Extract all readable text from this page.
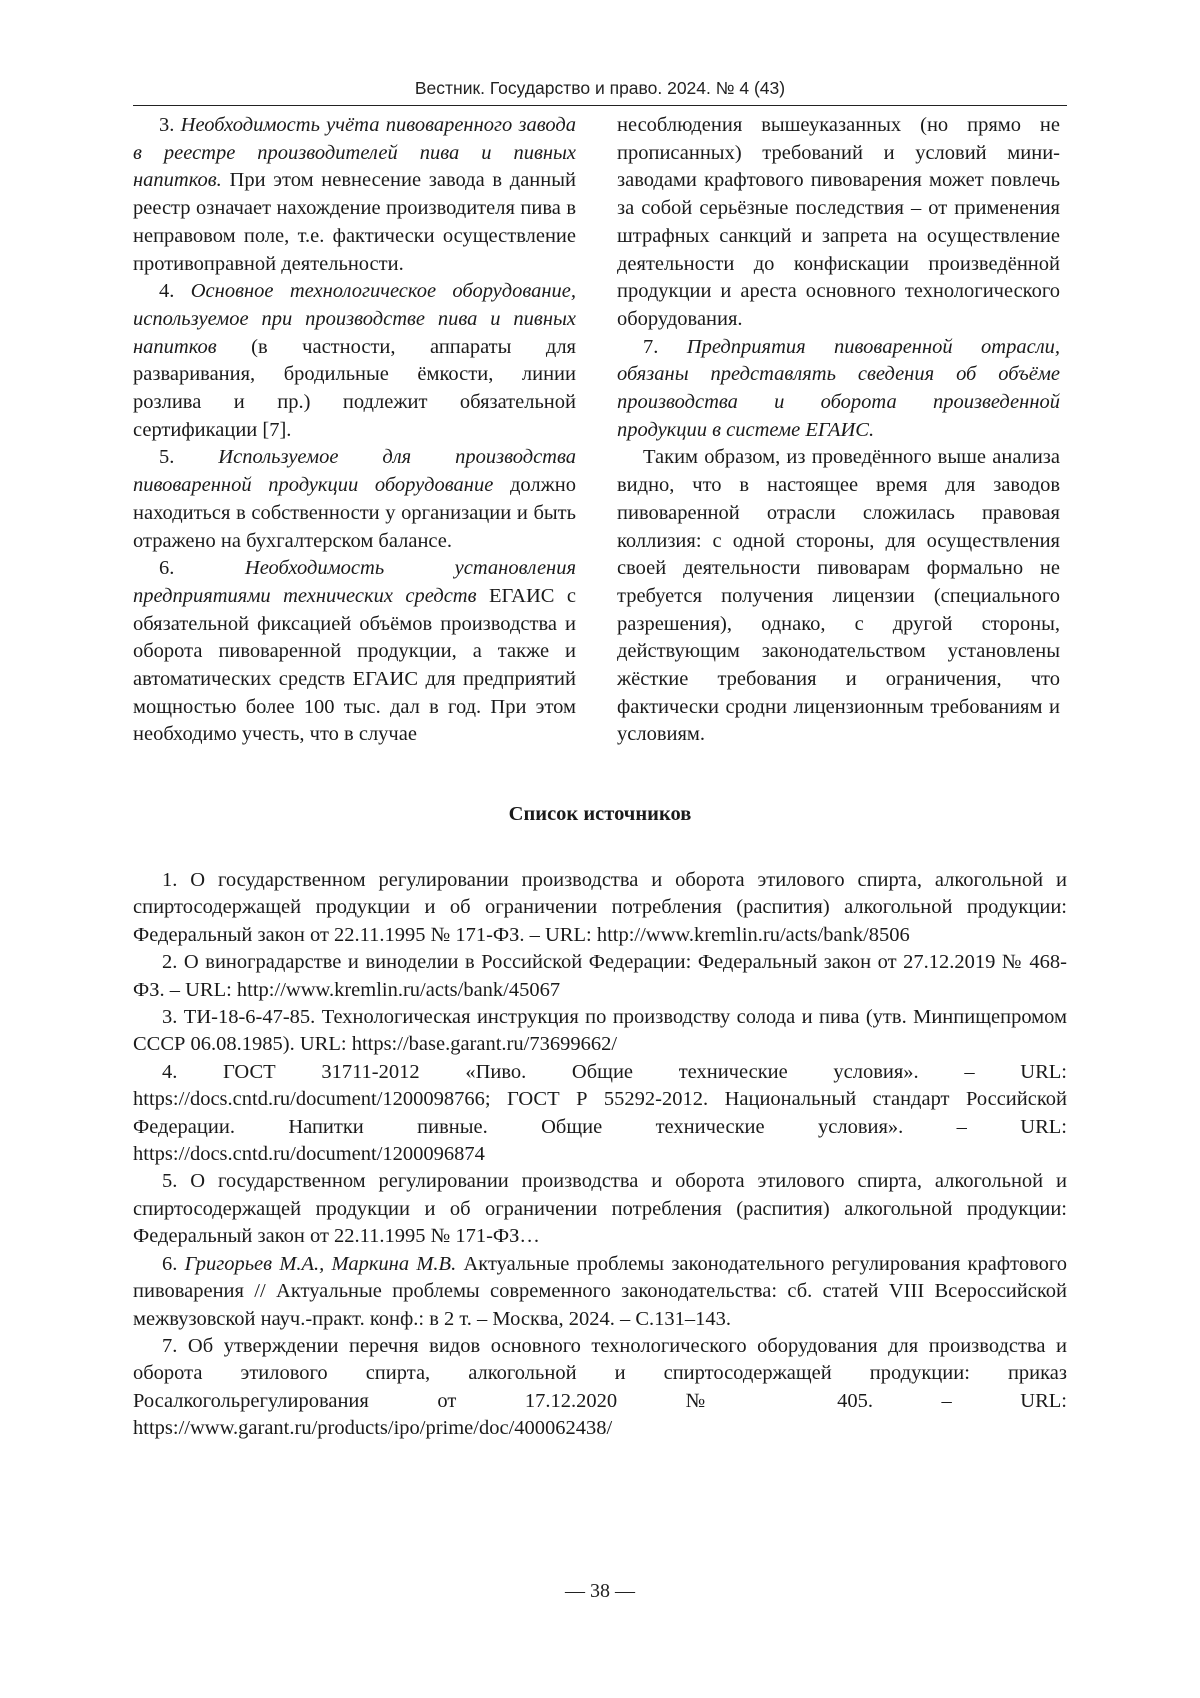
Вестник. Государство и право. 2024. № 4 (43)

3. Необходимость учёта пивоваренного завода в реестре производителей пива и пивных напитков. При этом невнесение завода в данный реестр означает нахождение производителя пива в неправовом поле, т.е. фактически осуществление противоправной деятельности.

4. Основное технологическое оборудование, используемое при производстве пива и пивных напитков (в частности, аппараты для разваривания, бродильные ёмкости, линии розлива и пр.) подлежит обязательной сертификации [7].

5. Используемое для производства пивоваренной продукции оборудование должно находиться в собственности у организации и быть отражено на бухгалтерском балансе.

6. Необходимость установления предприятиями технических средств ЕГАИС с обязательной фиксацией объёмов производства и оборота пивоваренной продукции, а также и автоматических средств ЕГАИС для предприятий мощностью более 100 тыс. дал в год. При этом необходимо учесть, что в случае

несоблюдения вышеуказанных (но прямо не прописанных) требований и условий мини-заводами крафтового пивоварения может повлечь за собой серьёзные последствия – от применения штрафных санкций и запрета на осуществление деятельности до конфискации произведённой продукции и ареста основного технологического оборудования.

7. Предприятия пивоваренной отрасли, обязаны представлять сведения об объёме производства и оборота произведенной продукции в системе ЕГАИС.

Таким образом, из проведённого выше анализа видно, что в настоящее время для заводов пивоваренной отрасли сложилась правовая коллизия: с одной стороны, для осуществления своей деятельности пивоварам формально не требуется получения лицензии (специального разрешения), однако, с другой стороны, действующим законодательством установлены жёсткие требования и ограничения, что фактически сродни лицензионным требованиям и условиям.

Список источников

1. О государственном регулировании производства и оборота этилового спирта, алкогольной и спиртосодержащей продукции и об ограничении потребления (распития) алкогольной продукции: Федеральный закон от 22.11.1995 № 171-ФЗ. – URL: http://www.kremlin.ru/acts/bank/8506

2. О виноградарстве и виноделии в Российской Федерации: Федеральный закон от 27.12.2019 № 468-ФЗ. – URL: http://www.kremlin.ru/acts/bank/45067

3. ТИ-18-6-47-85. Технологическая инструкция по производству солода и пива (утв. Минпищепромом СССР 06.08.1985). URL: https://base.garant.ru/73699662/

4. ГОСТ 31711-2012 «Пиво. Общие технические условия». – URL: https://docs.cntd.ru/document/1200098766; ГОСТ Р 55292-2012. Национальный стандарт Российской Федерации. Напитки пивные. Общие технические условия». – URL: https://docs.cntd.ru/document/1200096874

5. О государственном регулировании производства и оборота этилового спирта, алкогольной и спиртосодержащей продукции и об ограничении потребления (распития) алкогольной продукции: Федеральный закон от 22.11.1995 № 171-ФЗ…

6. Григорьев М.А., Маркина М.В. Актуальные проблемы законодательного регулирования крафтового пивоварения // Актуальные проблемы современного законодательства: сб. статей VIII Всероссийской межвузовской науч.-практ. конф.: в 2 т. – Москва, 2024. – С.131–143.

7. Об утверждении перечня видов основного технологического оборудования для производства и оборота этилового спирта, алкогольной и спиртосодержащей продукции: приказ Росалкогольрегулирования от 17.12.2020 № 405. – URL: https://www.garant.ru/products/ipo/prime/doc/400062438/

— 38 —
